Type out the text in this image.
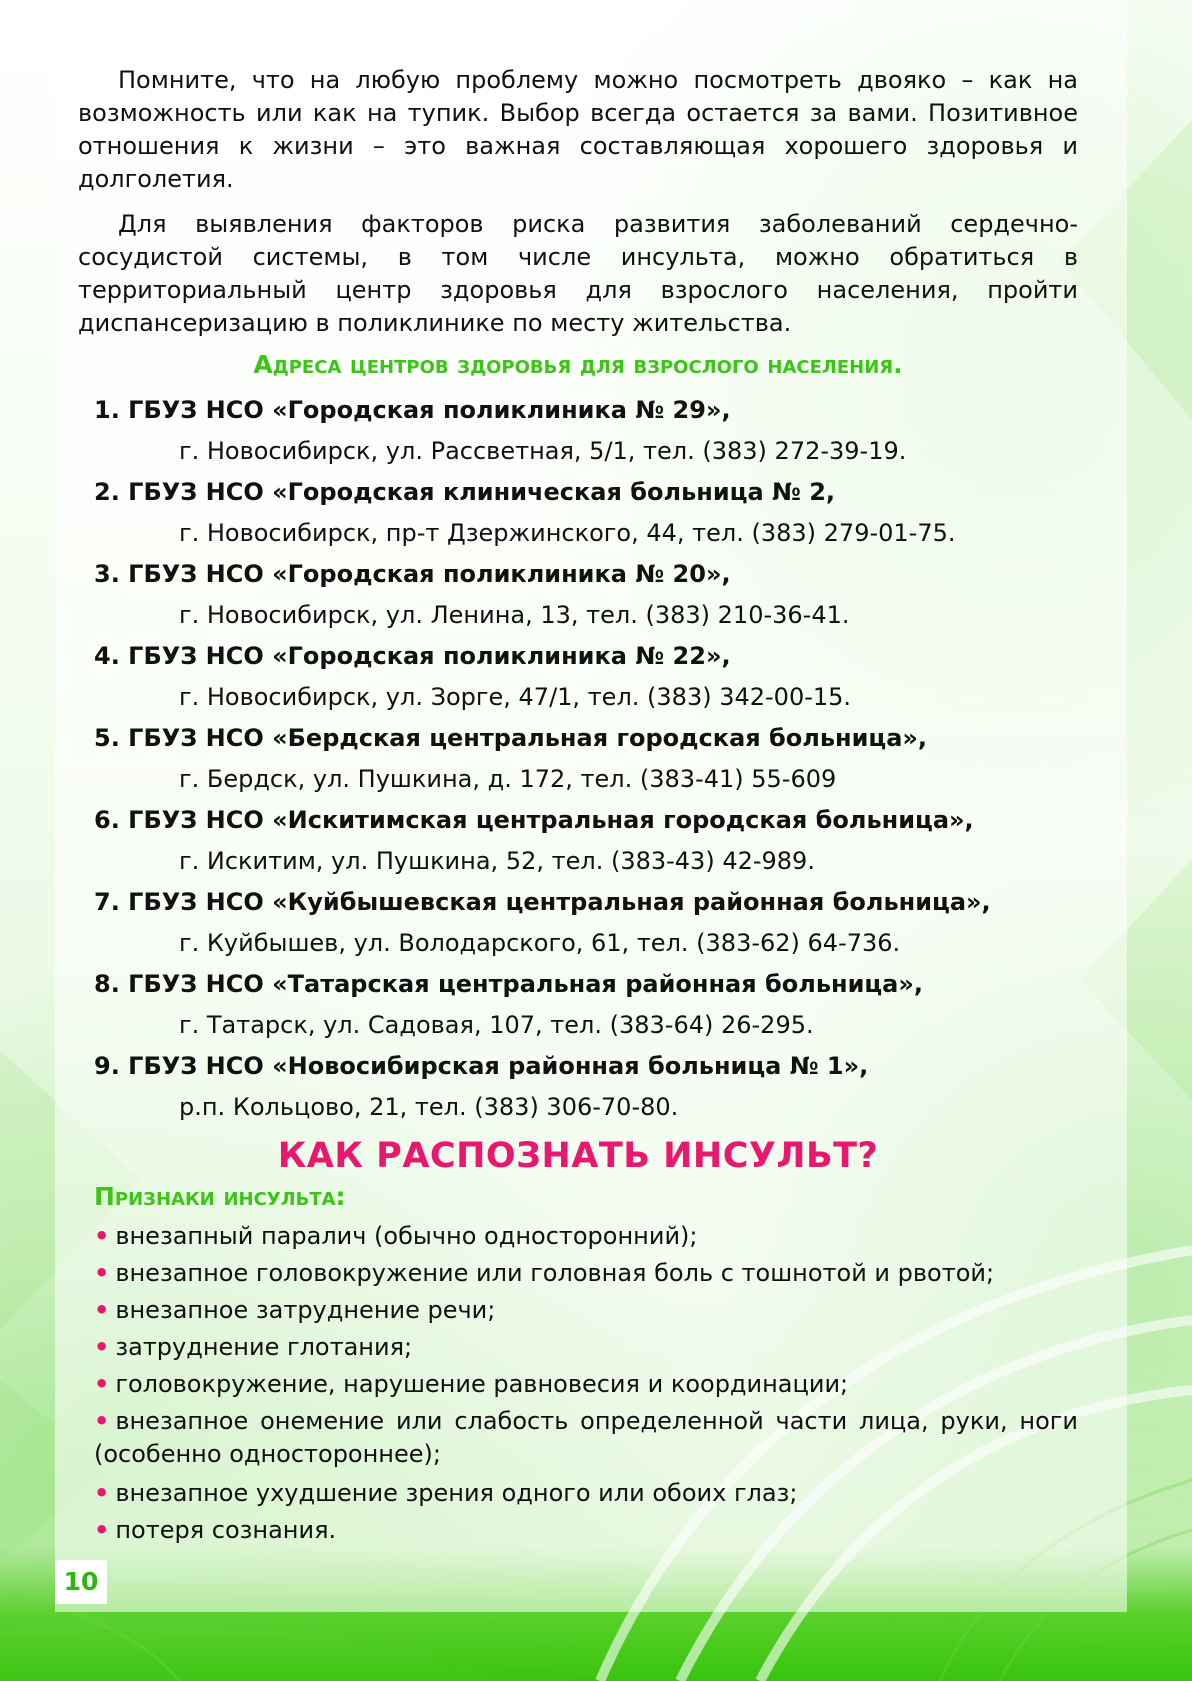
Помните, что на любую проблему можно посмотреть двояко – как на возможность или как на тупик. Выбор всегда остается за вами. Позитивное отношения к жизни – это важная составляющая хорошего здоровья и долголетия.

Для выявления факторов риска развития заболеваний сердечно-сосудистой системы, в том числе инсульта, можно обратиться в территориальный центр здоровья для взрослого населения, пройти диспансеризацию в поликлинике по месту жительства.

Адреса центров здоровья для взрослого населения.
1. ГБУЗ НСО «Городская поликлиника № 29»,
г. Новосибирск, ул. Рассветная, 5/1, тел. (383) 272-39-19.
2. ГБУЗ НСО «Городская клиническая больница № 2,
г. Новосибирск, пр-т Дзержинского, 44, тел. (383) 279-01-75.
3. ГБУЗ НСО «Городская поликлиника № 20»,
г. Новосибирск, ул. Ленина, 13, тел. (383) 210-36-41.
4. ГБУЗ НСО «Городская поликлиника № 22»,
г. Новосибирск, ул. Зорге, 47/1, тел. (383) 342-00-15.
5. ГБУЗ НСО «Бердская центральная городская больница»,
г. Бердск, ул. Пушкина, д. 172, тел. (383-41) 55-609
6. ГБУЗ НСО «Искитимская центральная городская больница»,
г. Искитим, ул. Пушкина, 52, тел. (383-43) 42-989.
7. ГБУЗ НСО «Куйбышевская центральная районная больница»,
г. Куйбышев, ул. Володарского, 61, тел. (383-62) 64-736.
8. ГБУЗ НСО «Татарская центральная районная больница»,
г. Татарск, ул. Садовая, 107, тел. (383-64) 26-295.
9. ГБУЗ НСО «Новосибирская районная больница № 1»,
р.п. Кольцово, 21, тел. (383) 306-70-80.
КАК РАСПОЗНАТЬ ИНСУЛЬТ?
Признаки инсульта:
• внезапный паралич (обычно односторонний);
• внезапное головокружение или головная боль с тошнотой и рвотой;
• внезапное затруднение речи;
• затруднение глотания;
• головокружение, нарушение равновесия и координации;
• внезапное онемение или слабость определенной части лица, руки, ноги (особенно одностороннее);
• внезапное ухудшение зрения одного или обоих глаз;
• потеря сознания.
10
